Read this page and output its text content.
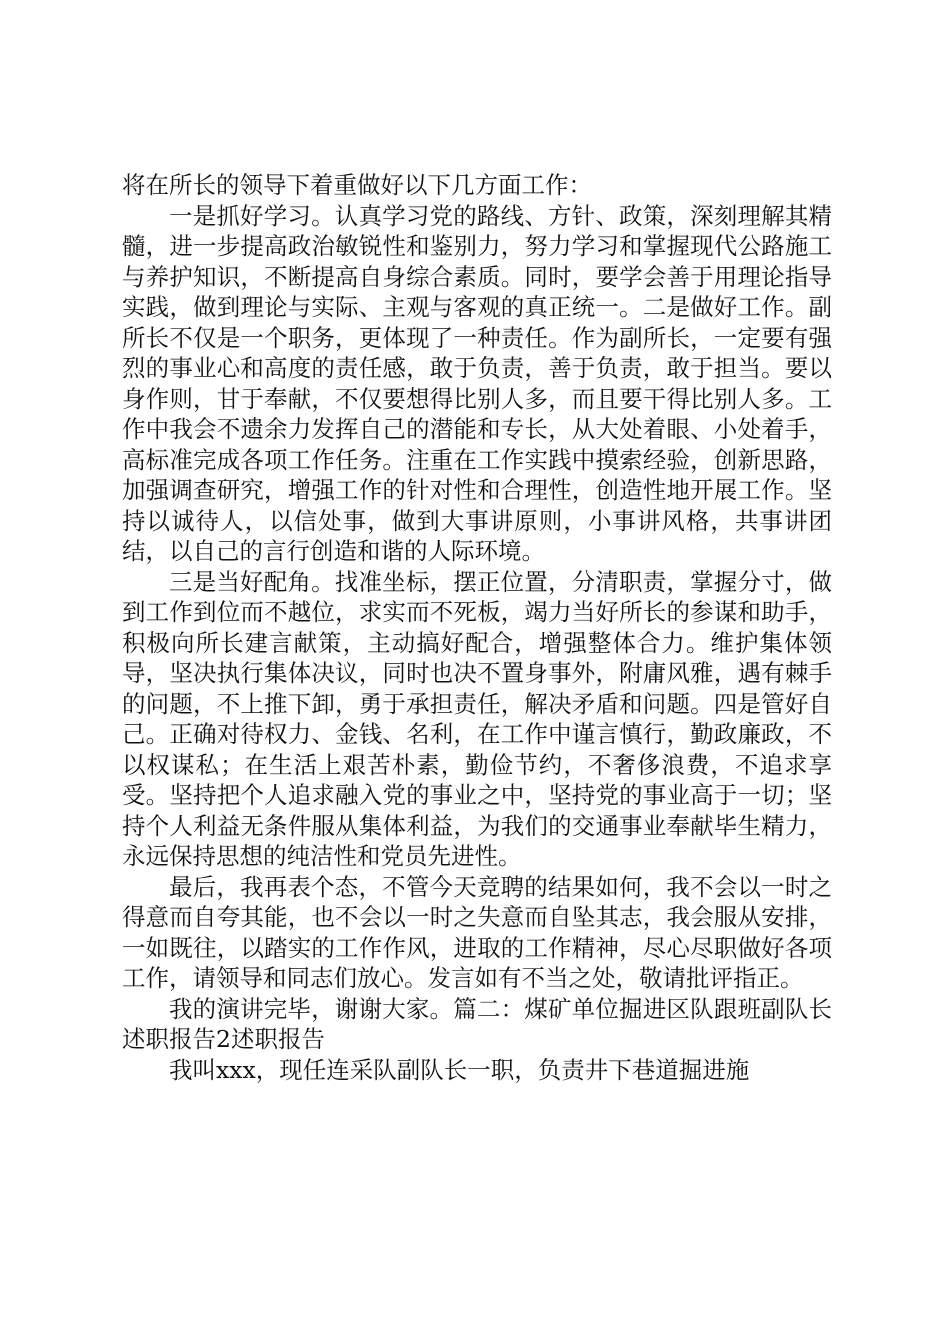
将在所长的领导下着重做好以下几方面工作：

一是抓好学习。认真学习党的路线、方针、政策，深刻理解其精髓，进一步提高政治敏锐性和鉴别力，努力学习和掌握现代公路施工与养护知识，不断提高自身综合素质。同时，要学会善于用理论指导实践，做到理论与实际、主观与客观的真正统一。二是做好工作。副所长不仅是一个职务，更体现了一种责任。作为副所长，一定要有强烈的事业心和高度的责任感，敢于负责，善于负责，敢于担当。要以身作则，甘于奉献，不仅要想得比别人多，而且要干得比别人多。工作中我会不遗余力发挥自己的潜能和专长，从大处着眼、小处着手，高标准完成各项工作任务。注重在工作实践中摸索经验，创新思路，加强调查研究，增强工作的针对性和合理性，创造性地开展工作。坚持以诚待人，以信处事，做到大事讲原则，小事讲风格，共事讲团结，以自己的言行创造和谐的人际环境。

三是当好配角。找准坐标，摆正位置，分清职责，掌握分寸，做到工作到位而不越位，求实而不死板，竭力当好所长的参谋和助手，积极向所长建言献策，主动搞好配合，增强整体合力。维护集体领导，坚决执行集体决议，同时也决不置身事外，附庸风雅，遇有棘手的问题，不上推下卸，勇于承担责任，解决矛盾和问题。四是管好自己。正确对待权力、金钱、名利，在工作中谨言慎行，勤政廉政，不以权谋私；在生活上艰苦朴素，勤俭节约，不奢侈浪费，不追求享受。坚持把个人追求融入党的事业之中，坚持党的事业高于一切；坚持个人利益无条件服从集体利益，为我们的交通事业奉献毕生精力，永远保持思想的纯洁性和党员先进性。

最后，我再表个态，不管今天竞聘的结果如何，我不会以一时之得意而自夸其能，也不会以一时之失意而自坠其志，我会服从安排，一如既往，以踏实的工作作风，进取的工作精神，尽心尽职做好各项工作，请领导和同志们放心。发言如有不当之处，敬请批评指正。

我的演讲完毕，谢谢大家。篇二：煤矿单位掘进区队跟班副队长述职报告2述职报告

我叫xxx，现任连采队副队长一职，负责井下巷道掘进施
